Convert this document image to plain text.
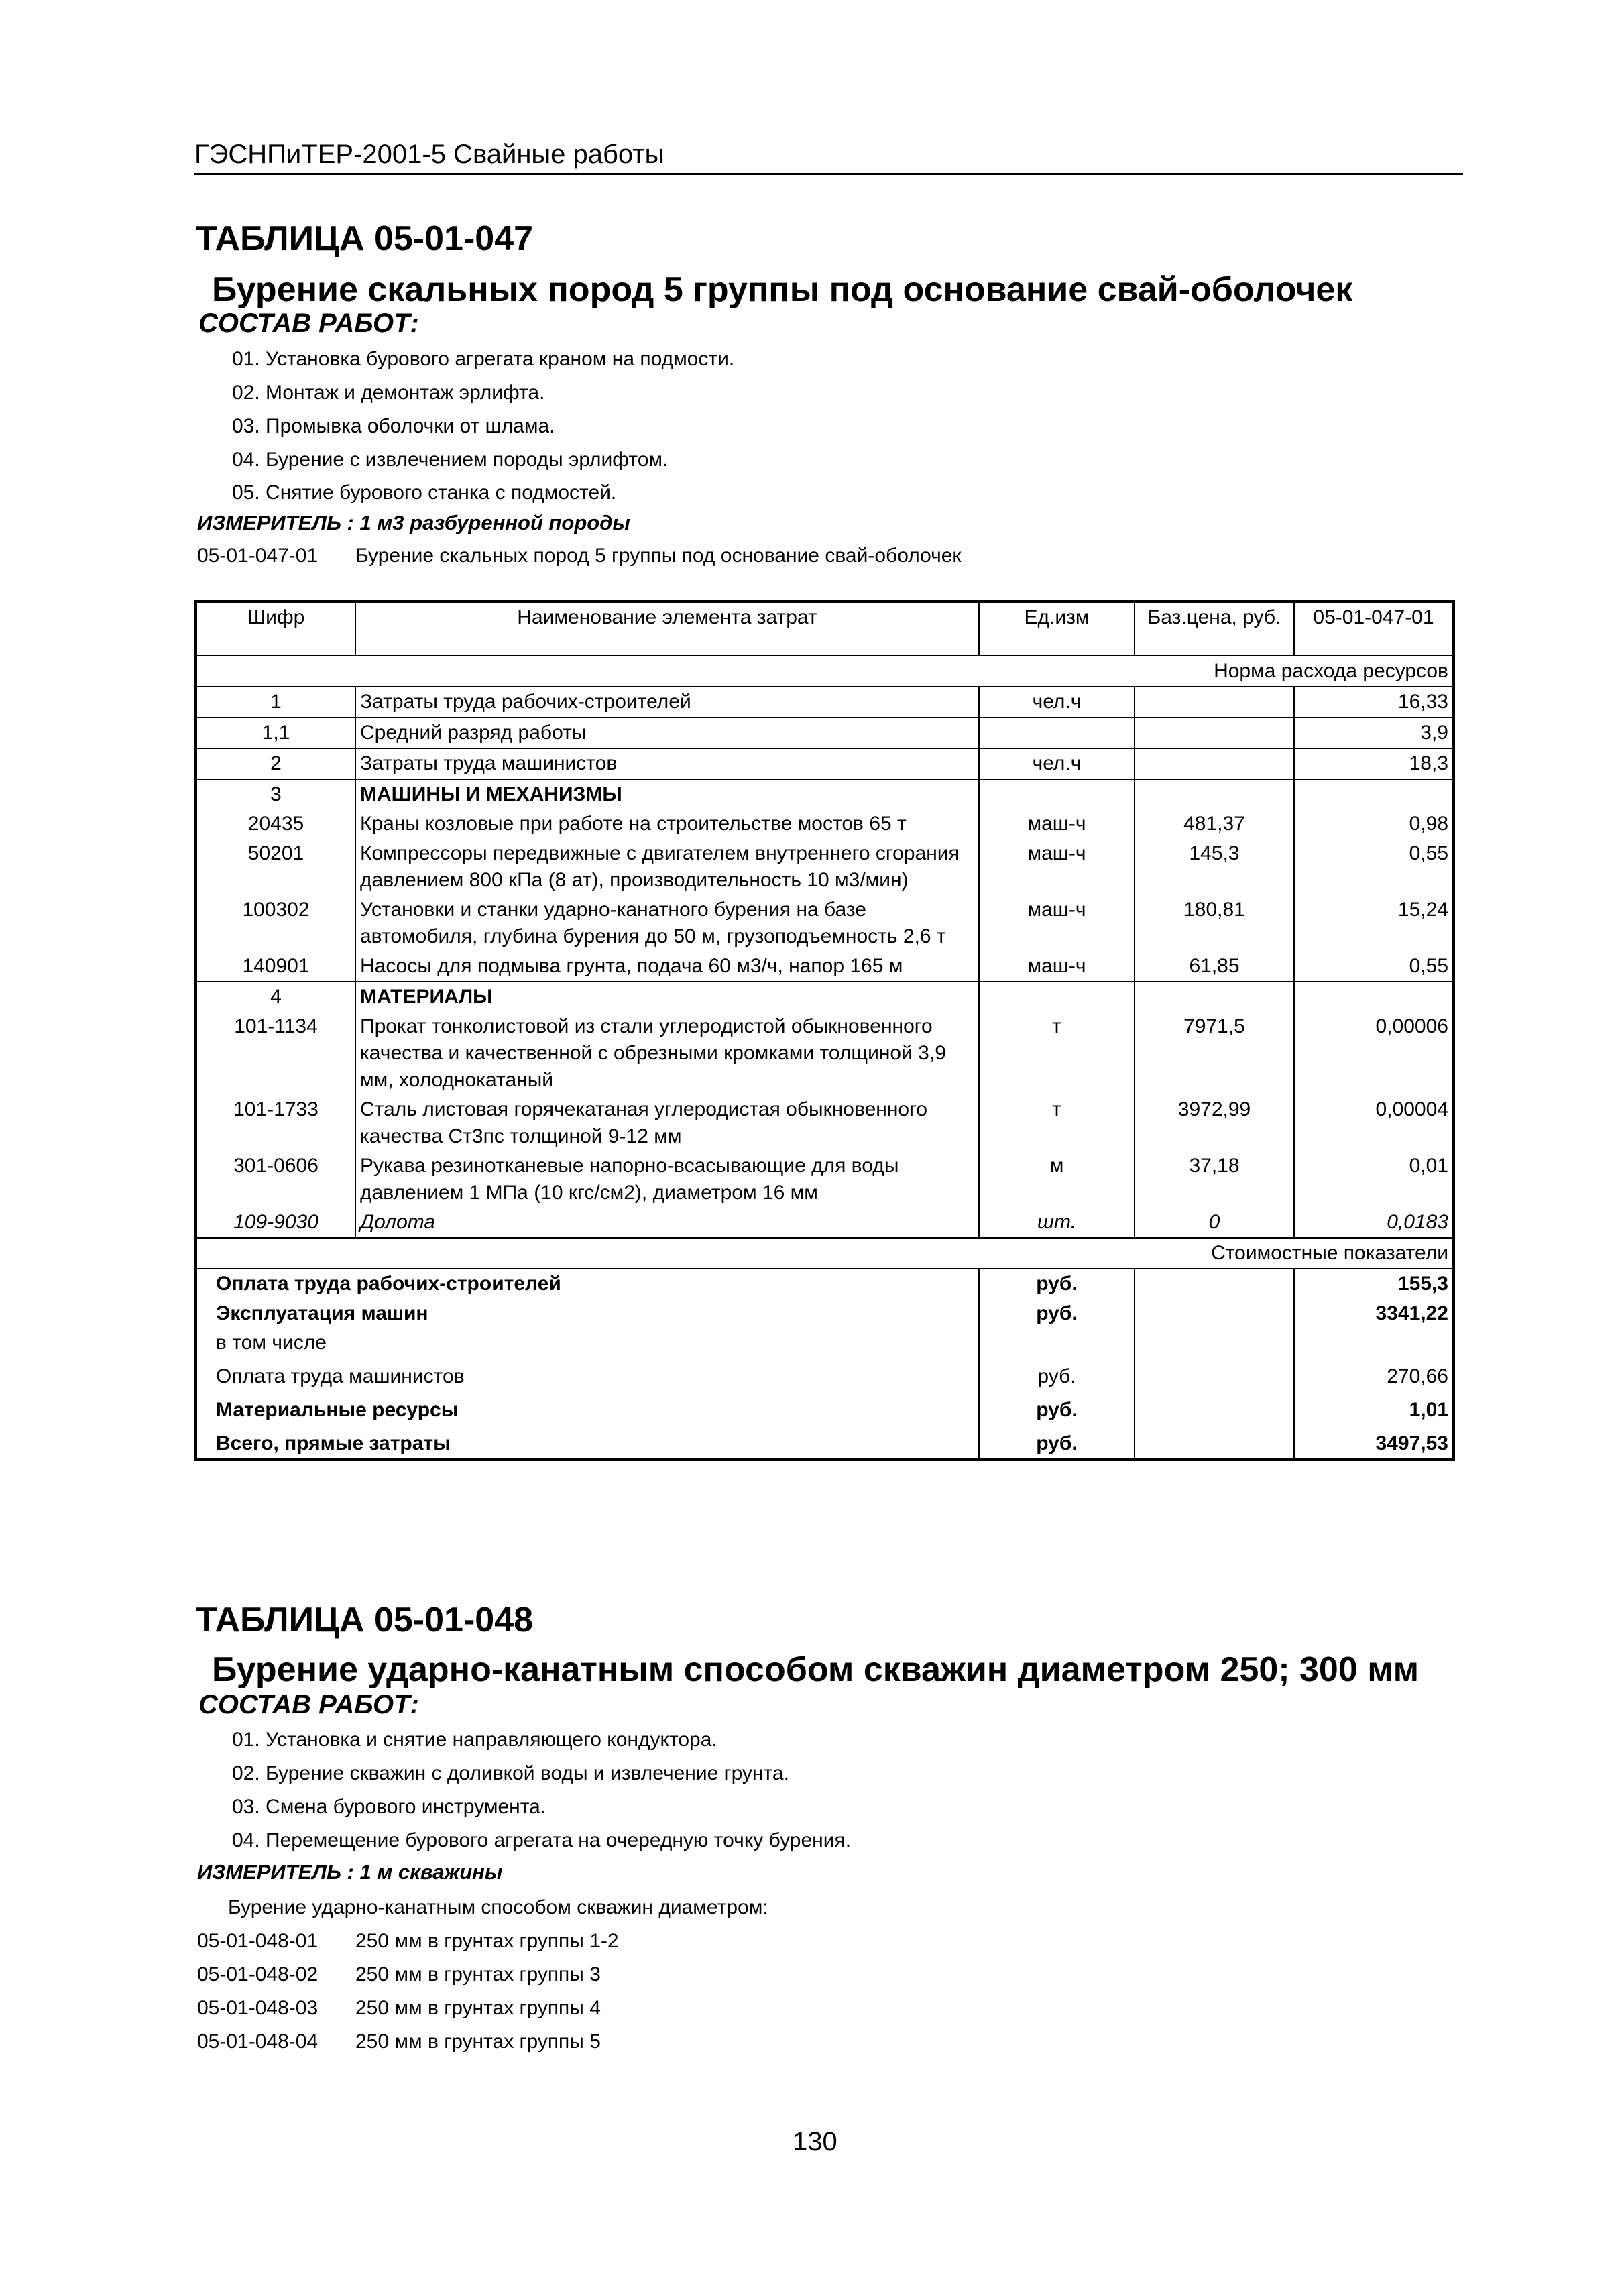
ГЭСНПиТЕР-2001-5 Свайные работы
ТАБЛИЦА 05-01-047
Бурение скальных пород 5 группы под основание свай-оболочек
СОСТАВ РАБОТ:
01. Установка бурового агрегата краном на подмости.
02. Монтаж и демонтаж эрлифта.
03. Промывка оболочки от шлама.
04. Бурение с извлечением породы эрлифтом.
05. Снятие бурового станка с подмостей.
ИЗМЕРИТЕЛЬ : 1 м3 разбуренной породы
05-01-047-01 Бурение скальных пород 5 группы под основание свай-оболочек
Шифр	Наименование элемента затрат	Ед.изм	Баз.цена, руб.	05-01-047-01
Норма расхода ресурсов				
1	Затраты труда рабочих-строителей	чел.ч		16,33
1,1	Средний разряд работы			3,9
2	Затраты труда машинистов	чел.ч		18,3
3	МАШИНЫ И МЕХАНИЗМЫ			
20435	Краны козловые при работе на строительстве мостов 65 т	маш-ч	481,37	0,98
50201	Компрессоры передвижные с двигателем внутреннего сгорания давлением 800 кПа (8 ат), производительность 10 м3/мин)	маш-ч	145,3	0,55
100302	Установки и станки ударно-канатного бурения на базе автомобиля, глубина бурения до 50 м, грузоподъемность 2,6 т	маш-ч	180,81	15,24
140901	Насосы для подмыва грунта, подача 60 м3/ч, напор 165 м	маш-ч	61,85	0,55
4	МАТЕРИАЛЫ			
101-1134	Прокат тонколистовой из стали углеродистой обыкновенного качества и качественной с обрезными кромками толщиной 3,9 мм, холоднокатаный	т	7971,5	0,00006
101-1733	Сталь листовая горячекатаная углеродистая обыкновенного качества Ст3пс толщиной 9-12 мм	т	3972,99	0,00004
301-0606	Рукава резинотканевые напорно-всасывающие для воды давлением 1 МПа (10 кгс/см2), диаметром 16 мм	м	37,18	0,01
109-9030	Долота	шт.	0	0,0183
Стоимостные показатели				
Оплата труда рабочих-строителей		руб.		155,3
Эксплуатация машин		руб.		3341,22
в том числе				
Оплата труда машинистов		руб.		270,66
Материальные ресурсы		руб.		1,01
Всего, прямые затраты		руб.		3497,53
ТАБЛИЦА 05-01-048
Бурение ударно-канатным способом скважин диаметром 250; 300 мм
СОСТАВ РАБОТ:
01. Установка и снятие направляющего кондуктора.
02. Бурение скважин с доливкой воды и извлечение грунта.
03. Смена бурового инструмента.
04. Перемещение бурового агрегата на очередную точку бурения.
ИЗМЕРИТЕЛЬ : 1 м скважины
Бурение ударно-канатным способом скважин диаметром:
05-01-048-01 250 мм в грунтах группы 1-2
05-01-048-02 250 мм в грунтах группы 3
05-01-048-03 250 мм в грунтах группы 4
05-01-048-04 250 мм в грунтах группы 5
130
